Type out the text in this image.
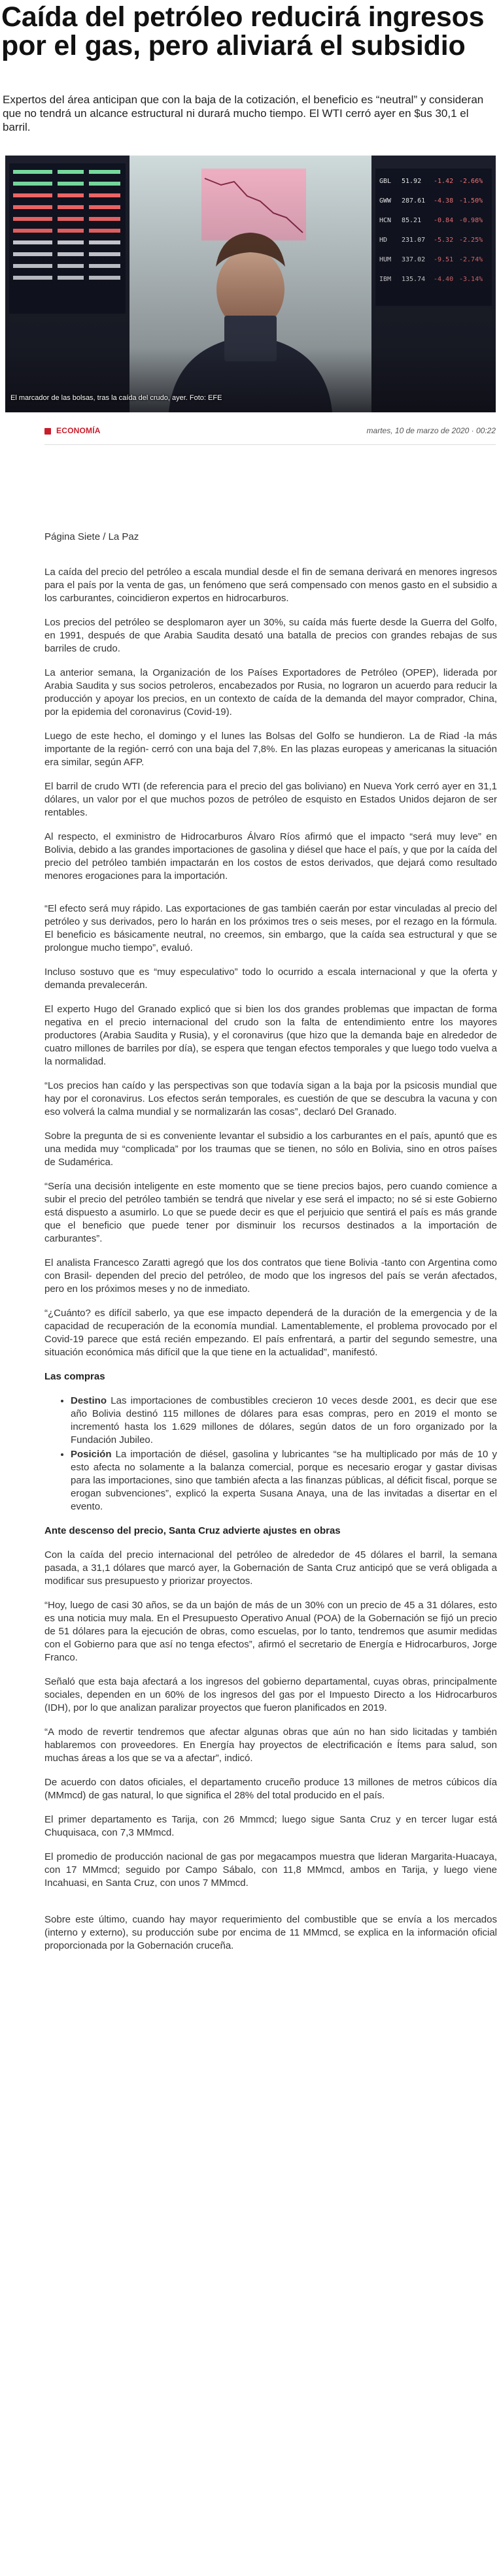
Caída del petróleo reducirá ingresos por el gas, pero aliviará el subsidio

Expertos del área anticipan que con la baja de la cotización, el beneficio es “neutral” y consideran que no tendrá un alcance estructural ni durará mucho tiempo. El WTI cerró ayer en $us 30,1 el barril.

El marcador de las bolsas, tras la caída del crudo, ayer. Foto: EFE

ECONOMÍA	martes, 10 de marzo de 2020 · 00:22

Página Siete / La Paz

La caída del precio del petróleo a escala mundial desde el fin de semana derivará en menores ingresos para el país por la venta de gas, un fenómeno que será compensado con menos gasto en el subsidio a los carburantes, coincidieron expertos en hidrocarburos.

Los precios del petróleo se desplomaron ayer un 30%, su caída más fuerte desde la Guerra del Golfo, en 1991, después de que Arabia Saudita desató una batalla de precios con grandes rebajas de sus barriles de crudo.

La anterior semana, la Organización de los Países Exportadores de Petróleo (OPEP), liderada por Arabia Saudita y sus socios petroleros, encabezados por Rusia, no lograron un acuerdo para reducir la producción y apoyar los precios, en un contexto de caída de la demanda del mayor comprador, China, por la epidemia del coronavirus (Covid-19).

Luego de este hecho, el domingo y el lunes las Bolsas del Golfo se hundieron. La de Riad -la más importante de la región- cerró con una baja del 7,8%. En las plazas europeas y americanas la situación era similar, según AFP.

El barril de crudo WTI (de referencia para el precio del gas boliviano) en Nueva York cerró ayer en 31,1 dólares, un valor por el que muchos pozos de petróleo de esquisto en Estados Unidos dejaron de ser rentables.

Al respecto, el exministro de Hidrocarburos Álvaro Ríos afirmó que el impacto “será muy leve” en Bolivia, debido a las grandes importaciones de gasolina y diésel que hace el país, y que por la caída del precio del petróleo también impactarán en los costos de estos derivados, que dejará como resultado menores erogaciones para la importación.

“El efecto será muy rápido. Las exportaciones de gas también caerán por estar vinculadas al precio del petróleo y sus derivados, pero lo harán en los próximos tres o seis meses, por el rezago en la fórmula. El beneficio es básicamente neutral, no creemos, sin embargo, que la caída sea estructural y que se prolongue mucho tiempo”, evaluó.

Incluso sostuvo que es “muy especulativo” todo lo ocurrido a escala internacional y que la oferta y demanda prevalecerán.

El experto Hugo del Granado explicó que si bien los dos grandes problemas que impactan de forma negativa en el precio internacional del crudo son la falta de entendimiento entre los mayores productores (Arabia Saudita y Rusia), y el coronavirus (que hizo que la demanda baje en alrededor de cuatro millones de barriles por día), se espera que tengan efectos temporales y que luego todo vuelva a la normalidad.

“Los precios han caído y las perspectivas son que todavía sigan a la baja por la psicosis mundial que hay por el coronavirus. Los efectos serán temporales, es cuestión de que se descubra la vacuna y con eso volverá la calma mundial y se normalizarán las cosas”, declaró Del Granado.

Sobre la pregunta de si es conveniente levantar el subsidio a los carburantes en el país, apuntó que es una medida muy “complicada” por los traumas que se tienen, no sólo en Bolivia, sino en otros países de Sudamérica.

“Sería una decisión inteligente en este momento que se tiene precios bajos, pero cuando comience a subir el precio del petróleo también se tendrá que nivelar y ese será el impacto; no sé si este Gobierno está dispuesto a asumirlo. Lo que se puede decir es que el perjuicio que sentirá el país es más grande que el beneficio que puede tener por disminuir los recursos destinados a la importación de carburantes”.

El analista Francesco Zaratti agregó que los dos contratos que tiene Bolivia -tanto con Argentina como con Brasil- dependen del precio del petróleo, de modo que los ingresos del país se verán afectados, pero en los próximos meses y no de inmediato.

“¿Cuánto? es difícil saberlo, ya que ese impacto dependerá de la duración de la emergencia y de la capacidad de recuperación de la economía mundial. Lamentablemente, el problema provocado por el Covid-19 parece que está recién empezando. El país enfrentará, a partir del segundo semestre, una situación económica más difícil que la que tiene en la actualidad”, manifestó.

Las compras
• Destino Las importaciones de combustibles crecieron 10 veces desde 2001, es decir que ese año Bolivia destinó 115 millones de dólares para esas compras, pero en 2019 el monto se incrementó hasta los 1.629 millones de dólares, según datos de un foro organizado por la Fundación Jubileo.
• Posición La importación de diésel, gasolina y lubricantes “se ha multiplicado por más de 10 y esto afecta no solamente a la balanza comercial, porque es necesario erogar y gastar divisas para las importaciones, sino que también afecta a las finanzas públicas, al déficit fiscal, porque se erogan subvenciones”, explicó la experta Susana Anaya, una de las invitadas a disertar en el evento.
Ante descenso del precio, Santa Cruz advierte ajustes en obras

Con la caída del precio internacional del petróleo de alrededor de 45 dólares el barril, la semana pasada, a 31,1 dólares que marcó ayer, la Gobernación de Santa Cruz anticipó que se verá obligada a modificar sus presupuesto y priorizar proyectos.

“Hoy, luego de casi 30 años, se da un bajón de más de un 30% con un precio de 45 a 31 dólares, esto es una noticia muy mala. En el Presupuesto Operativo Anual (POA) de la Gobernación se fijó un precio de 51 dólares para la ejecución de obras, como escuelas, por lo tanto, tendremos que asumir medidas con el Gobierno para que así no tenga efectos”, afirmó el secretario de Energía e Hidrocarburos, Jorge Franco.

Señaló que esta baja afectará a los ingresos del gobierno departamental, cuyas obras, principalmente sociales, dependen en un 60% de los ingresos del gas por el Impuesto Directo a los Hidrocarburos (IDH), por lo que analizan paralizar proyectos que fueron planificados en 2019.

“A modo de revertir tendremos que afectar algunas obras que aún no han sido licitadas y también hablaremos con proveedores. En Energía hay proyectos de electrificación e Ítems para salud, son muchas áreas a los que se va a afectar”, indicó.

De acuerdo con datos oficiales, el departamento cruceño produce 13 millones de metros cúbicos día (MMmcd) de gas natural, lo que significa el 28% del total producido en el país.

El primer departamento es Tarija, con 26 Mmmcd; luego sigue Santa Cruz y en tercer lugar está Chuquisaca, con 7,3 MMmcd.

El promedio de producción nacional de gas por megacampos muestra que lideran Margarita-Huacaya, con 17 MMmcd; seguido por Campo Sábalo, con 11,8 MMmcd, ambos en Tarija, y luego viene Incahuasi, en Santa Cruz, con unos 7 MMmcd.

Sobre este último, cuando hay mayor requerimiento del combustible que se envía a los mercados (interno y externo), su producción sube por encima de 11 MMmcd, se explica en la información oficial proporcionada por la Gobernación cruceña.
